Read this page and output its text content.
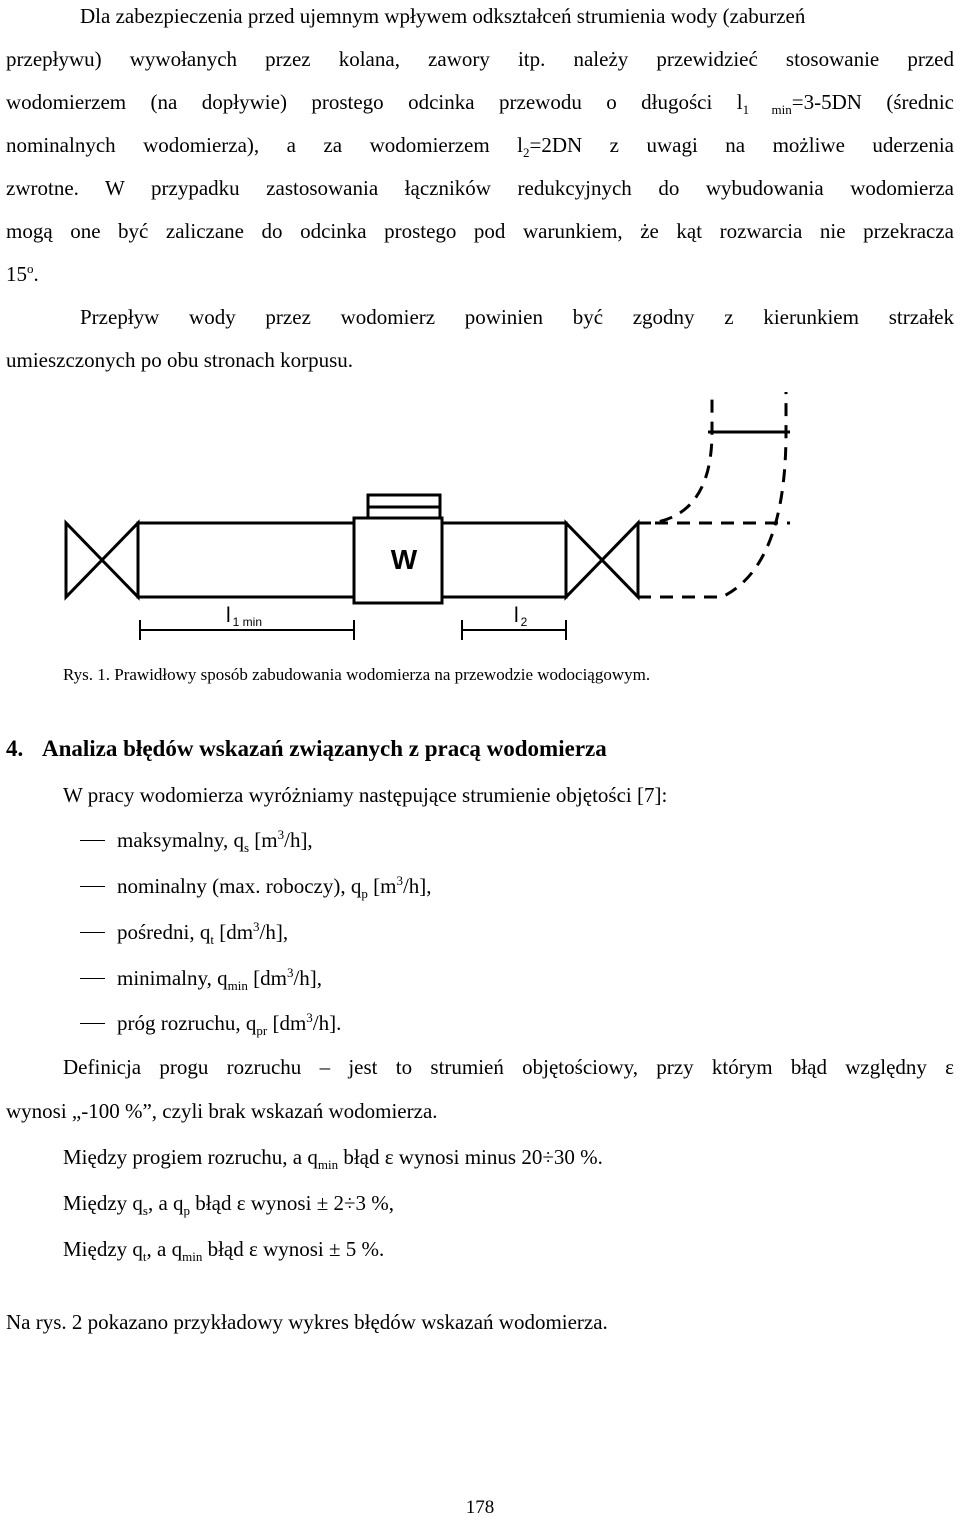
Dla zabezpieczenia przed ujemnym wpływem odkształceń strumienia wody (zaburzeń
przepływu) wywołanych przez kolana, zawory itp. należy przewidzieć stosowanie przed
wodomierzem (na dopływie) prostego odcinka przewodu o długości $l_{1 min}=3-5DN$ (średnic
nominalnych wodomierza), a za wodomierzem $l_2=2DN$ z uwagi na możliwe uderzenia
zwrotne. W przypadku zastosowania łączników redukcyjnych do wybudowania wodomierza
mogą one być zaliczane do odcinka prostego pod warunkiem, że kąt rozwarcia nie przekracza
15$^o$.
Przepływ wody przez wodomierz powinien być zgodny z kierunkiem strzałek
umieszczonych po obu stronach korpusu.
W
l 1 min	l 2
Rys. 1. Prawidłowy sposób zabudowania wodomierza na przewodzie wodociągowym.
4. Analiza błędów wskazań związanych z pracą wodomierza
W pracy wodomierza wyróżniamy następujące strumienie objętości [7]:
maksymalny, $q_s$ $[m^3/h]$,
nominalny (max. roboczy), $q_p$ $[m^3/h]$,
pośredni, $q_t$ $[dm^3/h]$,
minimalny, $q_{min}$ $[dm^3/h]$,
próg rozruchu, $q_{pr}$ $[dm^3/h]$.
Definicja progu rozruchu – jest to strumień objętościowy, przy którym błąd względny ε
wynosi „-100 %”, czyli brak wskazań wodomierza.
Między progiem rozruchu, a $q_{min}$ błąd ε wynosi minus 20÷30 %.
Między $q_s$, a $q_p$ błąd ε wynosi ± 2÷3 %,
Między $q_t$, a $q_{min}$ błąd ε wynosi ± 5 %.
Na rys. 2 pokazano przykładowy wykres błędów wskazań wodomierza.
178
